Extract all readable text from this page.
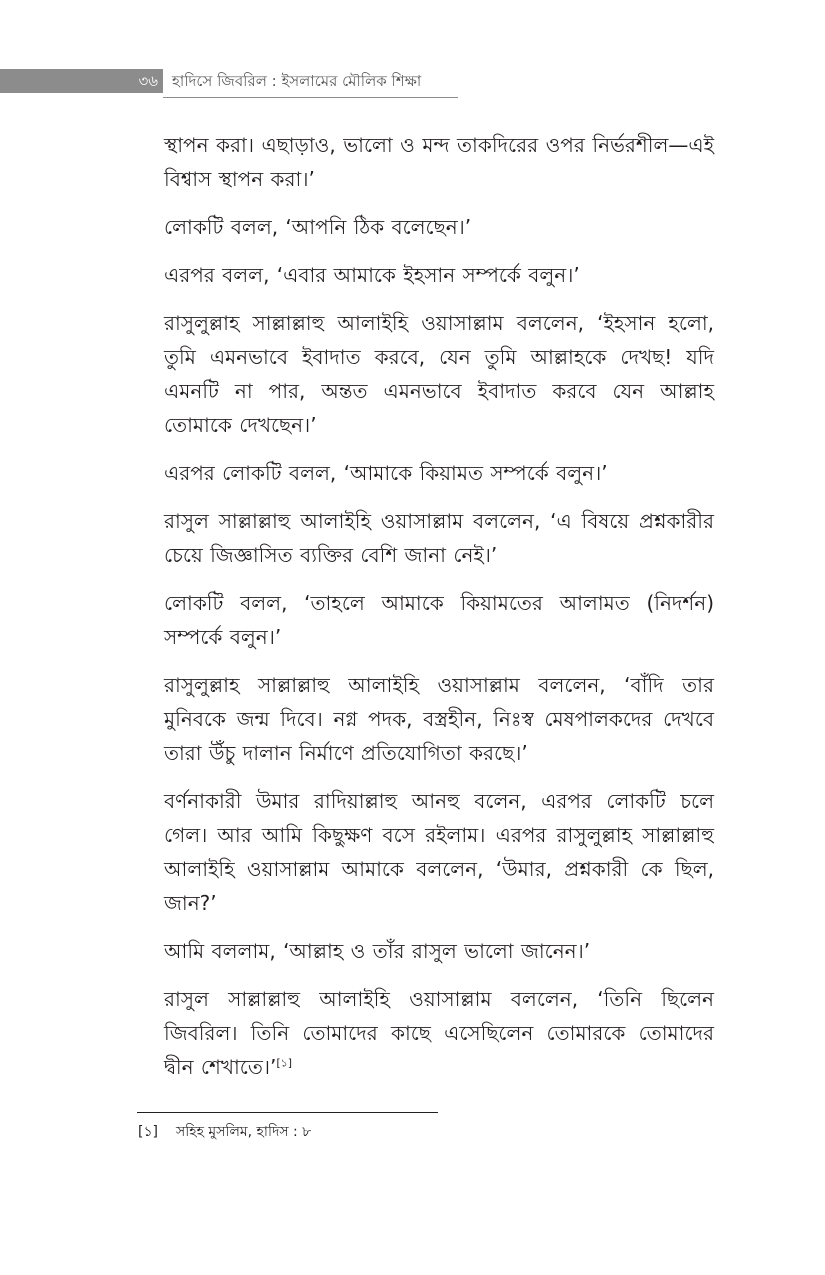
৩৬ হাদিসে জিবরিল : ইসলামের মৌলিক শিক্ষা

স্থাপন করা। এছাড়াও, ভালো ও মন্দ তাকদিরের ওপর নির্ভরশীল—এই বিশ্বাস স্থাপন করা।’

লোকটি বলল, ‘আপনি ঠিক বলেছেন।’

এরপর বলল, ‘এবার আমাকে ইহসান সম্পর্কে বলুন।’

রাসুলুল্লাহ সাল্লাল্লাহু আলাইহি ওয়াসাল্লাম বললেন, ‘ইহসান হলো, তুমি এমনভাবে ইবাদাত করবে, যেন তুমি আল্লাহকে দেখছ! যদি এমনটি না পার, অন্তত এমনভাবে ইবাদাত করবে যেন আল্লাহ তোমাকে দেখছেন।’

এরপর লোকটি বলল, ‘আমাকে কিয়ামত সম্পর্কে বলুন।’

রাসুল সাল্লাল্লাহু আলাইহি ওয়াসাল্লাম বললেন, ‘এ বিষয়ে প্রশ্নকারীর চেয়ে জিজ্ঞাসিত ব্যক্তির বেশি জানা নেই।’

লোকটি বলল, ‘তাহলে আমাকে কিয়ামতের আলামত (নিদর্শন) সম্পর্কে বলুন।’

রাসুলুল্লাহ সাল্লাল্লাহু আলাইহি ওয়াসাল্লাম বললেন, ‘বাঁদি তার মুনিবকে জন্ম দিবে। নগ্ন পদক, বস্ত্রহীন, নিঃস্ব মেষপালকদের দেখবে তারা উঁচু দালান নির্মাণে প্রতিযোগিতা করছে।’

বর্ণনাকারী উমার রাদিয়াল্লাহু আনহু বলেন, এরপর লোকটি চলে গেল। আর আমি কিছুক্ষণ বসে রইলাম। এরপর রাসুলুল্লাহ সাল্লাল্লাহু আলাইহি ওয়াসাল্লাম আমাকে বললেন, ‘উমার, প্রশ্নকারী কে ছিল, জান?’

আমি বললাম, ‘আল্লাহ ও তাঁর রাসুল ভালো জানেন।’

রাসুল সাল্লাল্লাহু আলাইহি ওয়াসাল্লাম বললেন, ‘তিনি ছিলেন জিবরিল। তিনি তোমাদের কাছে এসেছিলেন তোমারকে তোমাদের দ্বীন শেখাতে।’[১]

[১]	সহিহ মুসলিম, হাদিস : ৮
